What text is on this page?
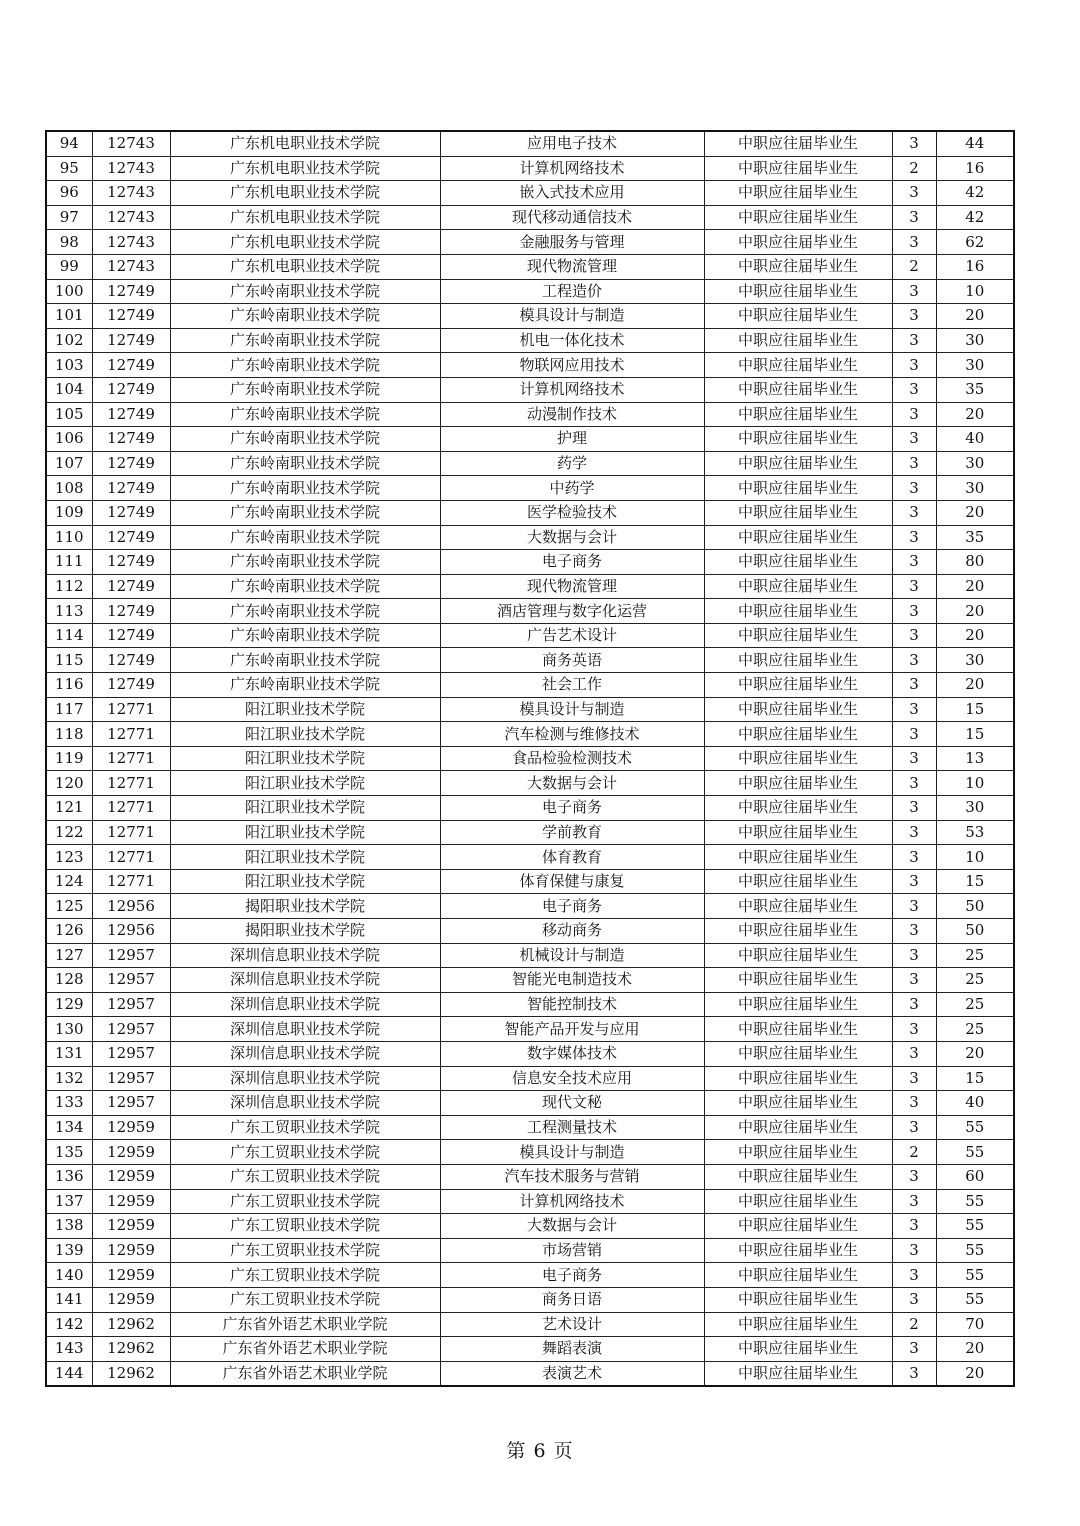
94	12743	广东机电职业技术学院	应用电子技术	中职应往届毕业生	3	44
95	12743	广东机电职业技术学院	计算机网络技术	中职应往届毕业生	2	16
96	12743	广东机电职业技术学院	嵌入式技术应用	中职应往届毕业生	3	42
97	12743	广东机电职业技术学院	现代移动通信技术	中职应往届毕业生	3	42
98	12743	广东机电职业技术学院	金融服务与管理	中职应往届毕业生	3	62
99	12743	广东机电职业技术学院	现代物流管理	中职应往届毕业生	2	16
100	12749	广东岭南职业技术学院	工程造价	中职应往届毕业生	3	10
101	12749	广东岭南职业技术学院	模具设计与制造	中职应往届毕业生	3	20
102	12749	广东岭南职业技术学院	机电一体化技术	中职应往届毕业生	3	30
103	12749	广东岭南职业技术学院	物联网应用技术	中职应往届毕业生	3	30
104	12749	广东岭南职业技术学院	计算机网络技术	中职应往届毕业生	3	35
105	12749	广东岭南职业技术学院	动漫制作技术	中职应往届毕业生	3	20
106	12749	广东岭南职业技术学院	护理	中职应往届毕业生	3	40
107	12749	广东岭南职业技术学院	药学	中职应往届毕业生	3	30
108	12749	广东岭南职业技术学院	中药学	中职应往届毕业生	3	30
109	12749	广东岭南职业技术学院	医学检验技术	中职应往届毕业生	3	20
110	12749	广东岭南职业技术学院	大数据与会计	中职应往届毕业生	3	35
111	12749	广东岭南职业技术学院	电子商务	中职应往届毕业生	3	80
112	12749	广东岭南职业技术学院	现代物流管理	中职应往届毕业生	3	20
113	12749	广东岭南职业技术学院	酒店管理与数字化运营	中职应往届毕业生	3	20
114	12749	广东岭南职业技术学院	广告艺术设计	中职应往届毕业生	3	20
115	12749	广东岭南职业技术学院	商务英语	中职应往届毕业生	3	30
116	12749	广东岭南职业技术学院	社会工作	中职应往届毕业生	3	20
117	12771	阳江职业技术学院	模具设计与制造	中职应往届毕业生	3	15
118	12771	阳江职业技术学院	汽车检测与维修技术	中职应往届毕业生	3	15
119	12771	阳江职业技术学院	食品检验检测技术	中职应往届毕业生	3	13
120	12771	阳江职业技术学院	大数据与会计	中职应往届毕业生	3	10
121	12771	阳江职业技术学院	电子商务	中职应往届毕业生	3	30
122	12771	阳江职业技术学院	学前教育	中职应往届毕业生	3	53
123	12771	阳江职业技术学院	体育教育	中职应往届毕业生	3	10
124	12771	阳江职业技术学院	体育保健与康复	中职应往届毕业生	3	15
125	12956	揭阳职业技术学院	电子商务	中职应往届毕业生	3	50
126	12956	揭阳职业技术学院	移动商务	中职应往届毕业生	3	50
127	12957	深圳信息职业技术学院	机械设计与制造	中职应往届毕业生	3	25
128	12957	深圳信息职业技术学院	智能光电制造技术	中职应往届毕业生	3	25
129	12957	深圳信息职业技术学院	智能控制技术	中职应往届毕业生	3	25
130	12957	深圳信息职业技术学院	智能产品开发与应用	中职应往届毕业生	3	25
131	12957	深圳信息职业技术学院	数字媒体技术	中职应往届毕业生	3	20
132	12957	深圳信息职业技术学院	信息安全技术应用	中职应往届毕业生	3	15
133	12957	深圳信息职业技术学院	现代文秘	中职应往届毕业生	3	40
134	12959	广东工贸职业技术学院	工程测量技术	中职应往届毕业生	3	55
135	12959	广东工贸职业技术学院	模具设计与制造	中职应往届毕业生	2	55
136	12959	广东工贸职业技术学院	汽车技术服务与营销	中职应往届毕业生	3	60
137	12959	广东工贸职业技术学院	计算机网络技术	中职应往届毕业生	3	55
138	12959	广东工贸职业技术学院	大数据与会计	中职应往届毕业生	3	55
139	12959	广东工贸职业技术学院	市场营销	中职应往届毕业生	3	55
140	12959	广东工贸职业技术学院	电子商务	中职应往届毕业生	3	55
141	12959	广东工贸职业技术学院	商务日语	中职应往届毕业生	3	55
142	12962	广东省外语艺术职业学院	艺术设计	中职应往届毕业生	2	70
143	12962	广东省外语艺术职业学院	舞蹈表演	中职应往届毕业生	3	20
144	12962	广东省外语艺术职业学院	表演艺术	中职应往届毕业生	3	20
第 6 页
